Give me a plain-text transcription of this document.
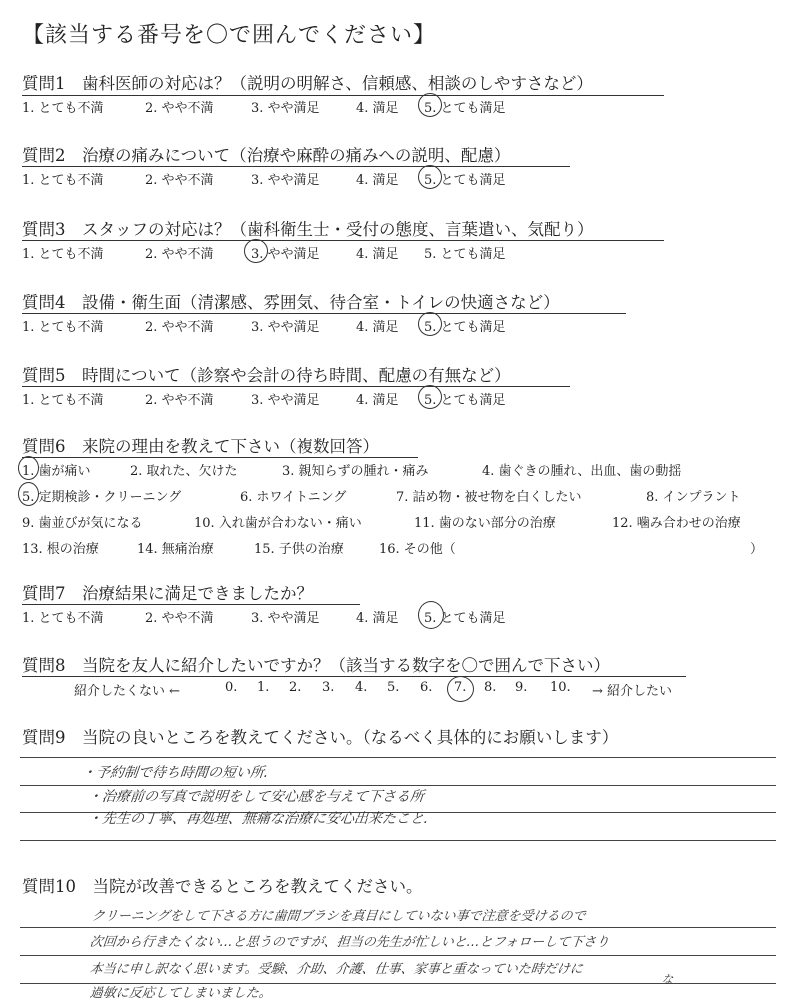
【該当する番号を〇で囲んでください】
質問1　歯科医師の対応は？（説明の明解さ、信頼感、相談のしやすさなど）
1. とても不満	2. やや不満	3. やや満足	4. 満足 5. とても満足
質問2　治療の痛みについて（治療や麻酔の痛みへの説明、配慮）
1. とても不満	2. やや不満	3. やや満足	4. 満足 5. とても満足
質問3　スタッフの対応は？（歯科衛生士・受付の態度、言葉遣い、気配り）
1. とても不満	2. やや不満	3. やや満足	4. 満足 5. とても満足
質問4　設備・衛生面（清潔感、雰囲気、待合室・トイレの快適さなど）
1. とても不満	2. やや不満	3. やや満足	4. 満足 5. とても満足
質問5　時間について（診察や会計の待ち時間、配慮の有無など）
1. とても不満	2. やや不満	3. やや満足	4. 満足 5. とても満足
質問6　来院の理由を教えて下さい（複数回答）
1. 歯が痛い	2. 取れた、欠けた	3. 親知らずの腫れ・痛み	4. 歯ぐきの腫れ、出血、歯の動揺
5. 定期検診・クリーニング	6. ホワイトニング	7. 詰め物・被せ物を白くしたい	8. インプラント
9. 歯並びが気になる	10. 入れ歯が合わない・痛い	11. 歯のない部分の治療	12. 噛み合わせの治療
13. 根の治療	14. 無痛治療	15. 子供の治療	16. その他（	）
質問7　治療結果に満足できましたか？
1. とても不満	2. やや不満	3. やや満足	4. 満足 5. とても満足
質問8　当院を友人に紹介したいですか？（該当する数字を〇で囲んで下さい）
紹介したくない ←	0. 1. 2. 3. 4. 5. 6. 7. 8. 9. 10. → 紹介したい
質問9　当院の良いところを教えてください。（なるべく具体的にお願いします）
・予約制で待ち時間の短い所.
・治療前の写真で説明をして安心感を与えて下さる所
・先生の丁寧、再処理、無痛な治療に安心出来たこと.
質問10　当院が改善できるところを教えてください。
クリーニングをして下さる方に歯間ブラシを真目にしていない事で注意を受けるので
次回から行きたくない…と思うのですが、担当の先生が忙しいと…とフォローして下さり
本当に申し訳なく思います。受験、介助、介護、仕事、家事と重なっていた時だけに
過敏に反応してしまいました。
な
